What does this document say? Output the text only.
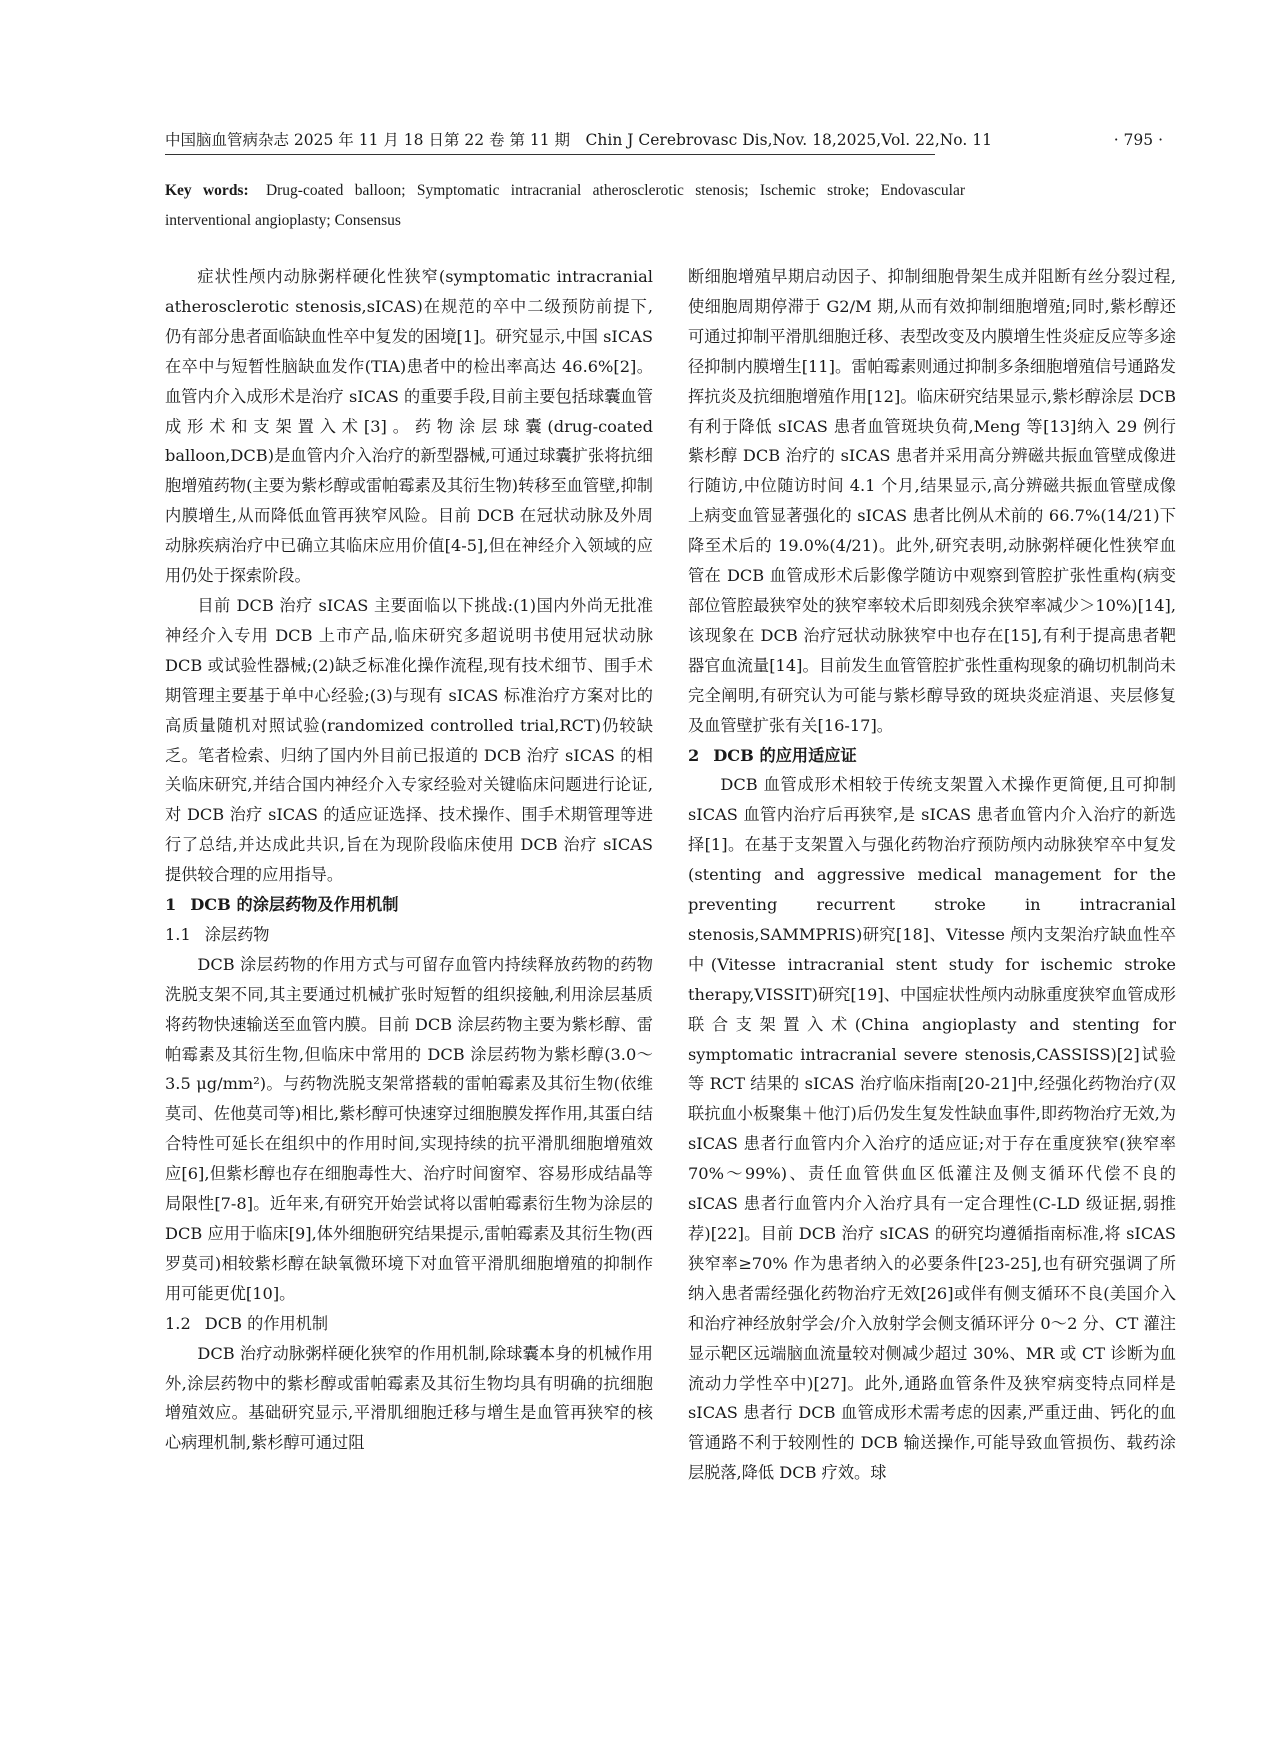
中国脑血管病杂志 2025 年 11 月 18 日第 22 卷 第 11 期　Chin J Cerebrovasc Dis,Nov. 18,2025,Vol. 22,No. 11	· 795 ·
Key words: Drug-coated balloon; Symptomatic intracranial atherosclerotic stenosis; Ischemic stroke; Endovascular interventional angioplasty; Consensus

症状性颅内动脉粥样硬化性狭窄(symptomatic intracranial atherosclerotic stenosis,sICAS)在规范的卒中二级预防前提下,仍有部分患者面临缺血性卒中复发的困境[1]。研究显示,中国 sICAS 在卒中与短暂性脑缺血发作(TIA)患者中的检出率高达 46.6%[2]。血管内介入成形术是治疗 sICAS 的重要手段,目前主要包括球囊血管成形术和支架置入术[3]。药物涂层球囊(drug-coated balloon,DCB)是血管内介入治疗的新型器械,可通过球囊扩张将抗细胞增殖药物(主要为紫杉醇或雷帕霉素及其衍生物)转移至血管壁,抑制内膜增生,从而降低血管再狭窄风险。目前 DCB 在冠状动脉及外周动脉疾病治疗中已确立其临床应用价值[4-5],但在神经介入领域的应用仍处于探索阶段。

目前 DCB 治疗 sICAS 主要面临以下挑战:(1)国内外尚无批准神经介入专用 DCB 上市产品,临床研究多超说明书使用冠状动脉 DCB 或试验性器械;(2)缺乏标准化操作流程,现有技术细节、围手术期管理主要基于单中心经验;(3)与现有 sICAS 标准治疗方案对比的高质量随机对照试验(randomized controlled trial,RCT)仍较缺乏。笔者检索、归纳了国内外目前已报道的 DCB 治疗 sICAS 的相关临床研究,并结合国内神经介入专家经验对关键临床问题进行论证,对 DCB 治疗 sICAS 的适应证选择、技术操作、围手术期管理等进行了总结,并达成此共识,旨在为现阶段临床使用 DCB 治疗 sICAS 提供较合理的应用指导。

1 DCB 的涂层药物及作用机制
1.1 涂层药物

DCB 涂层药物的作用方式与可留存血管内持续释放药物的药物洗脱支架不同,其主要通过机械扩张时短暂的组织接触,利用涂层基质将药物快速输送至血管内膜。目前 DCB 涂层药物主要为紫杉醇、雷帕霉素及其衍生物,但临床中常用的 DCB 涂层药物为紫杉醇(3.0～3.5 μg/mm²)。与药物洗脱支架常搭载的雷帕霉素及其衍生物(依维莫司、佐他莫司等)相比,紫杉醇可快速穿过细胞膜发挥作用,其蛋白结合特性可延长在组织中的作用时间,实现持续的抗平滑肌细胞增殖效应[6],但紫杉醇也存在细胞毒性大、治疗时间窗窄、容易形成结晶等局限性[7-8]。近年来,有研究开始尝试将以雷帕霉素衍生物为涂层的 DCB 应用于临床[9],体外细胞研究结果提示,雷帕霉素及其衍生物(西罗莫司)相较紫杉醇在缺氧微环境下对血管平滑肌细胞增殖的抑制作用可能更优[10]。

1.2 DCB 的作用机制

DCB 治疗动脉粥样硬化狭窄的作用机制,除球囊本身的机械作用外,涂层药物中的紫杉醇或雷帕霉素及其衍生物均具有明确的抗细胞增殖效应。基础研究显示,平滑肌细胞迁移与增生是血管再狭窄的核心病理机制,紫杉醇可通过阻

断细胞增殖早期启动因子、抑制细胞骨架生成并阻断有丝分裂过程,使细胞周期停滞于 G2/M 期,从而有效抑制细胞增殖;同时,紫杉醇还可通过抑制平滑肌细胞迁移、表型改变及内膜增生性炎症反应等多途径抑制内膜增生[11]。雷帕霉素则通过抑制多条细胞增殖信号通路发挥抗炎及抗细胞增殖作用[12]。临床研究结果显示,紫杉醇涂层 DCB 有利于降低 sICAS 患者血管斑块负荷,Meng 等[13]纳入 29 例行紫杉醇 DCB 治疗的 sICAS 患者并采用高分辨磁共振血管壁成像进行随访,中位随访时间 4.1 个月,结果显示,高分辨磁共振血管壁成像上病变血管显著强化的 sICAS 患者比例从术前的 66.7%(14/21)下降至术后的 19.0%(4/21)。此外,研究表明,动脉粥样硬化性狭窄血管在 DCB 血管成形术后影像学随访中观察到管腔扩张性重构(病变部位管腔最狭窄处的狭窄率较术后即刻残余狭窄率减少＞10%)[14],该现象在 DCB 治疗冠状动脉狭窄中也存在[15],有利于提高患者靶器官血流量[14]。目前发生血管管腔扩张性重构现象的确切机制尚未完全阐明,有研究认为可能与紫杉醇导致的斑块炎症消退、夹层修复及血管壁扩张有关[16-17]。

2 DCB 的应用适应证

DCB 血管成形术相较于传统支架置入术操作更简便,且可抑制 sICAS 血管内治疗后再狭窄,是 sICAS 患者血管内介入治疗的新选择[1]。在基于支架置入与强化药物治疗预防颅内动脉狭窄卒中复发(stenting and aggressive medical management for the preventing recurrent stroke in intracranial stenosis,SAMMPRIS)研究[18]、Vitesse 颅内支架治疗缺血性卒中(Vitesse intracranial stent study for ischemic stroke therapy,VISSIT)研究[19]、中国症状性颅内动脉重度狭窄血管成形联合支架置入术(China angioplasty and stenting for symptomatic intracranial severe stenosis,CASSISS)[2]试验等 RCT 结果的 sICAS 治疗临床指南[20-21]中,经强化药物治疗(双联抗血小板聚集＋他汀)后仍发生复发性缺血事件,即药物治疗无效,为 sICAS 患者行血管内介入治疗的适应证;对于存在重度狭窄(狭窄率 70%～99%)、责任血管供血区低灌注及侧支循环代偿不良的 sICAS 患者行血管内介入治疗具有一定合理性(C-LD 级证据,弱推荐)[22]。目前 DCB 治疗 sICAS 的研究均遵循指南标准,将 sICAS 狭窄率≥70% 作为患者纳入的必要条件[23-25],也有研究强调了所纳入患者需经强化药物治疗无效[26]或伴有侧支循环不良(美国介入和治疗神经放射学会/介入放射学会侧支循环评分 0～2 分、CT 灌注显示靶区远端脑血流量较对侧减少超过 30%、MR 或 CT 诊断为血流动力学性卒中)[27]。此外,通路血管条件及狭窄病变特点同样是 sICAS 患者行 DCB 血管成形术需考虑的因素,严重迂曲、钙化的血管通路不利于较刚性的 DCB 输送操作,可能导致血管损伤、载药涂层脱落,降低 DCB 疗效。球
